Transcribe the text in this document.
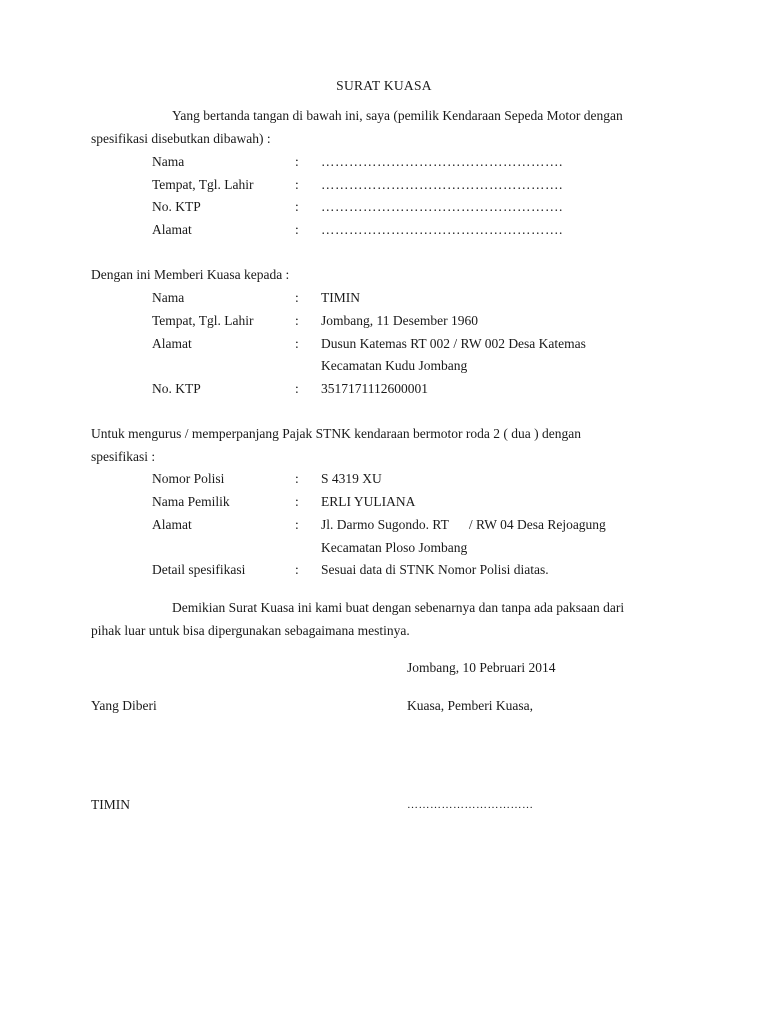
SURAT KUASA
Yang bertanda tangan di bawah ini, saya (pemilik Kendaraan Sepeda Motor dengan
spesifikasi disebutkan dibawah) :
Nama	: …………………………………………….
Tempat, Tgl. Lahir	: …………………………………………….
No. KTP	: …………………………………………….
Alamat	: …………………………………………….
Dengan ini Memberi Kuasa kepada :
Nama	: TIMIN
Tempat, Tgl. Lahir	: Jombang, 11 Desember 1960
Alamat	: Dusun Katemas RT 002 / RW 002 Desa Katemas
Kecamatan Kudu Jombang
No. KTP	: 3517171112600001
Untuk mengurus / memperpanjang Pajak STNK kendaraan bermotor roda 2 ( dua ) dengan
spesifikasi :
Nomor Polisi	: S 4319 XU
Nama Pemilik	: ERLI YULIANA
Alamat	: Jl. Darmo Sugondo. RT      / RW 04 Desa Rejoagung
Kecamatan Ploso Jombang
Detail spesifikasi	: Sesuai data di STNK Nomor Polisi diatas.
Demikian Surat Kuasa ini kami buat dengan sebenarnya dan tanpa ada paksaan dari
pihak luar untuk bisa dipergunakan sebagaimana mestinya.
Jombang, 10 Pebruari 2014
Yang Diberi	Kuasa, Pemberi Kuasa,
TIMIN	……………………………
